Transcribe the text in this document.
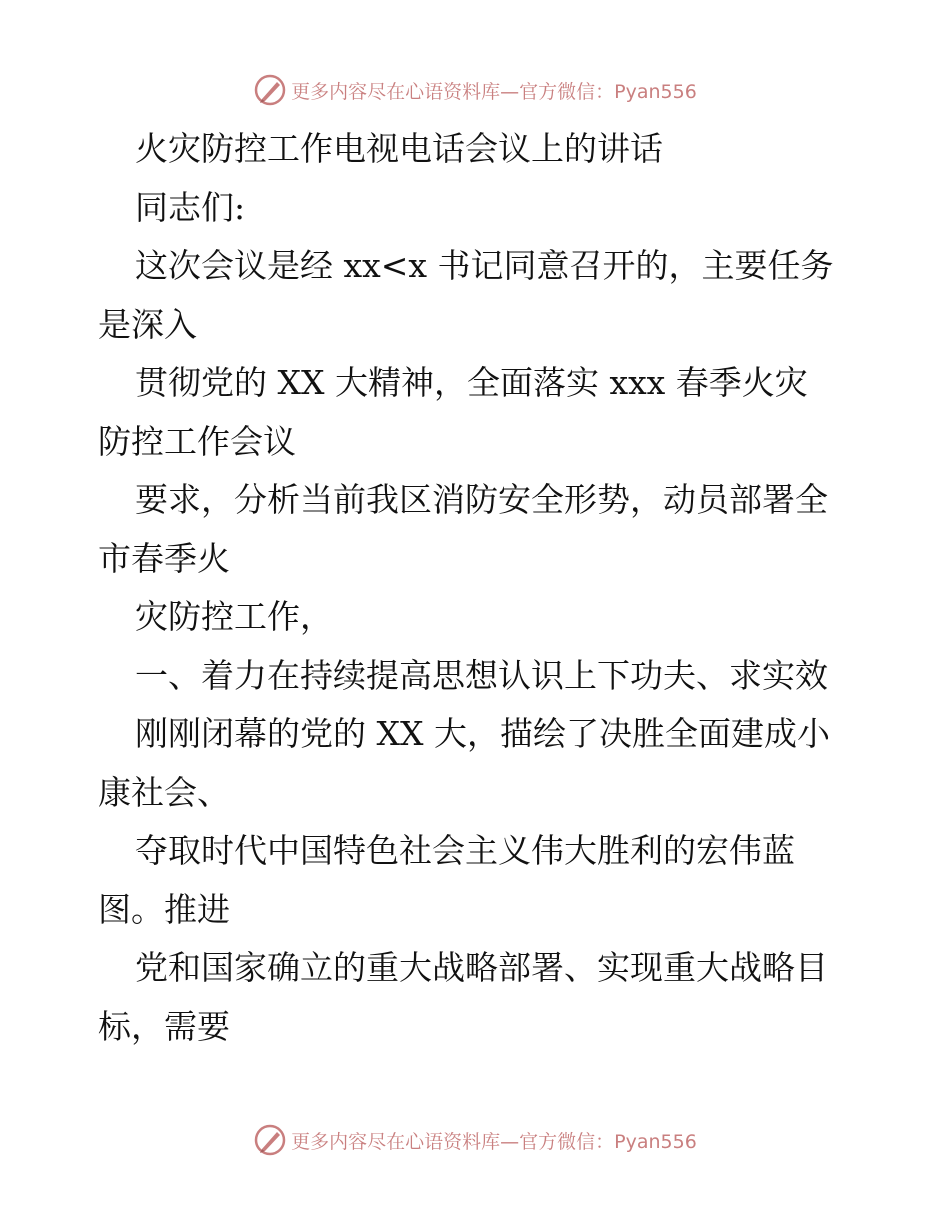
更多内容尽在心语资料库—官方微信：Pyan556
火灾防控工作电视电话会议上的讲话
同志们:
这次会议是经 xx<x 书记同意召开的，主要任务
是深入
贯彻党的 XX 大精神，全面落实 xxx 春季火灾
防控工作会议
要求，分析当前我区消防安全形势，动员部署全
市春季火
灾防控工作，
一、着力在持续提高思想认识上下功夫、求实效
刚刚闭幕的党的 XX 大，描绘了决胜全面建成小
康社会、
夺取时代中国特色社会主义伟大胜利的宏伟蓝
图。推进
党和国家确立的重大战略部署、实现重大战略目
标，需要
更多内容尽在心语资料库—官方微信：Pyan556
